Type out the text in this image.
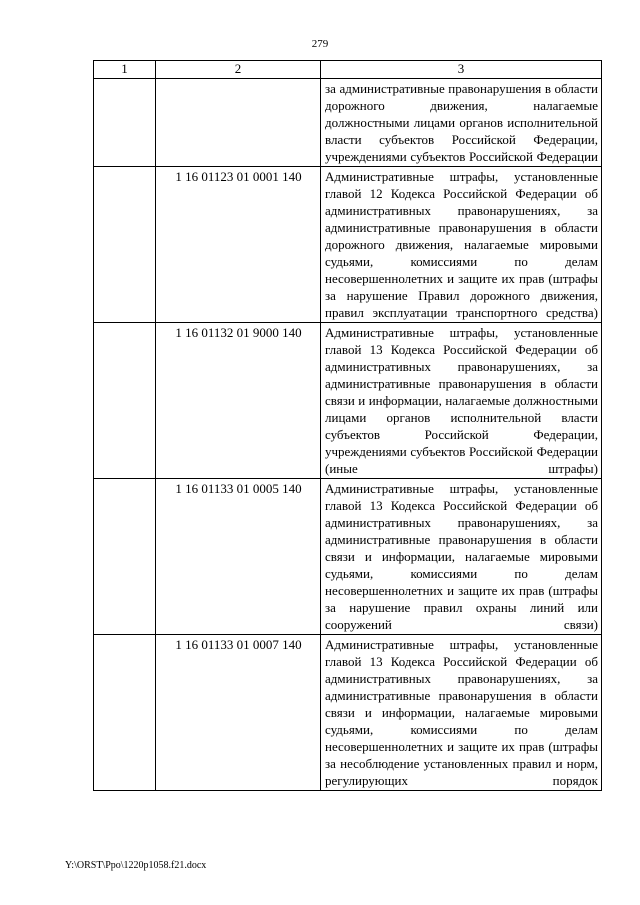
279
1	2	3
		за административные правонарушения в области дорожного движения, налагаемые должностными лицами органов исполнительной власти субъектов Российской Федерации, учреждениями субъектов Российской Федерации
	1 16 01123 01 0001 140	Административные штрафы, установленные главой 12 Кодекса Российской Федерации об административных правонарушениях, за административные правонарушения в области дорожного движения, налагаемые мировыми судьями, комиссиями по делам несовершеннолетних и защите их прав (штрафы за нарушение Правил дорожного движения, правил эксплуатации транспортного средства)
	1 16 01132 01 9000 140	Административные штрафы, установленные главой 13 Кодекса Российской Федерации об административных правонарушениях, за административные правонарушения в области связи и информации, налагаемые должностными лицами органов исполнительной власти субъектов Российской Федерации, учреждениями субъектов Российской Федерации (иные штрафы)
	1 16 01133 01 0005 140	Административные штрафы, установленные главой 13 Кодекса Российской Федерации об административных правонарушениях, за административные правонарушения в области связи и информации, налагаемые мировыми судьями, комиссиями по делам несовершеннолетних и защите их прав (штрафы за нарушение правил охраны линий или сооружений связи)
	1 16 01133 01 0007 140	Административные штрафы, установленные главой 13 Кодекса Российской Федерации об административных правонарушениях, за административные правонарушения в области связи и информации, налагаемые мировыми судьями, комиссиями по делам несовершеннолетних и защите их прав (штрафы за несоблюдение установленных правил и норм, регулирующих порядок
Y:\ORST\Ppo\1220p1058.f21.docx
